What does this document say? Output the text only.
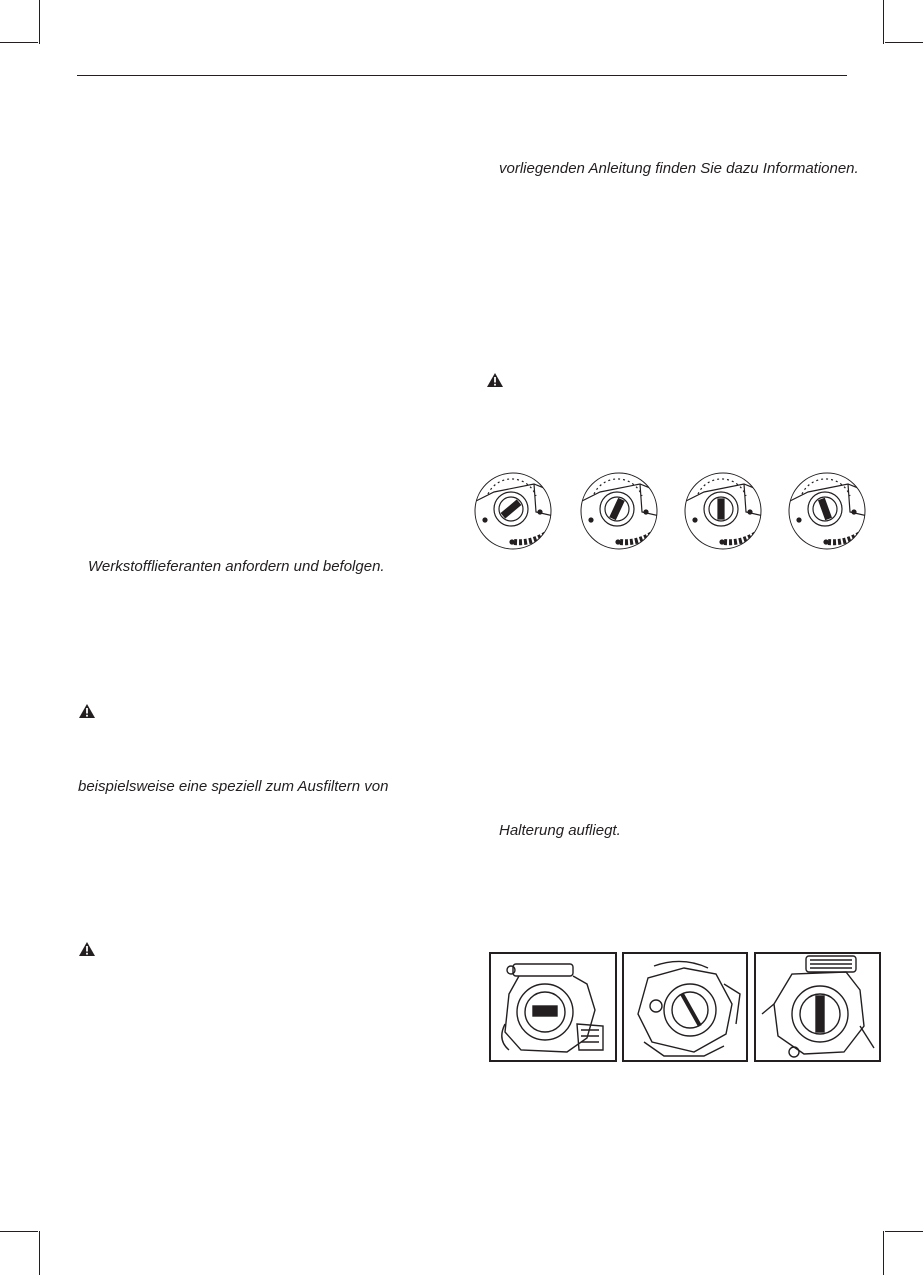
vorliegenden Anleitung finden Sie dazu Informationen.
Werkstofflieferanten anfordern und befolgen.
beispielsweise eine speziell zum Ausfiltern von
Halterung aufliegt.
